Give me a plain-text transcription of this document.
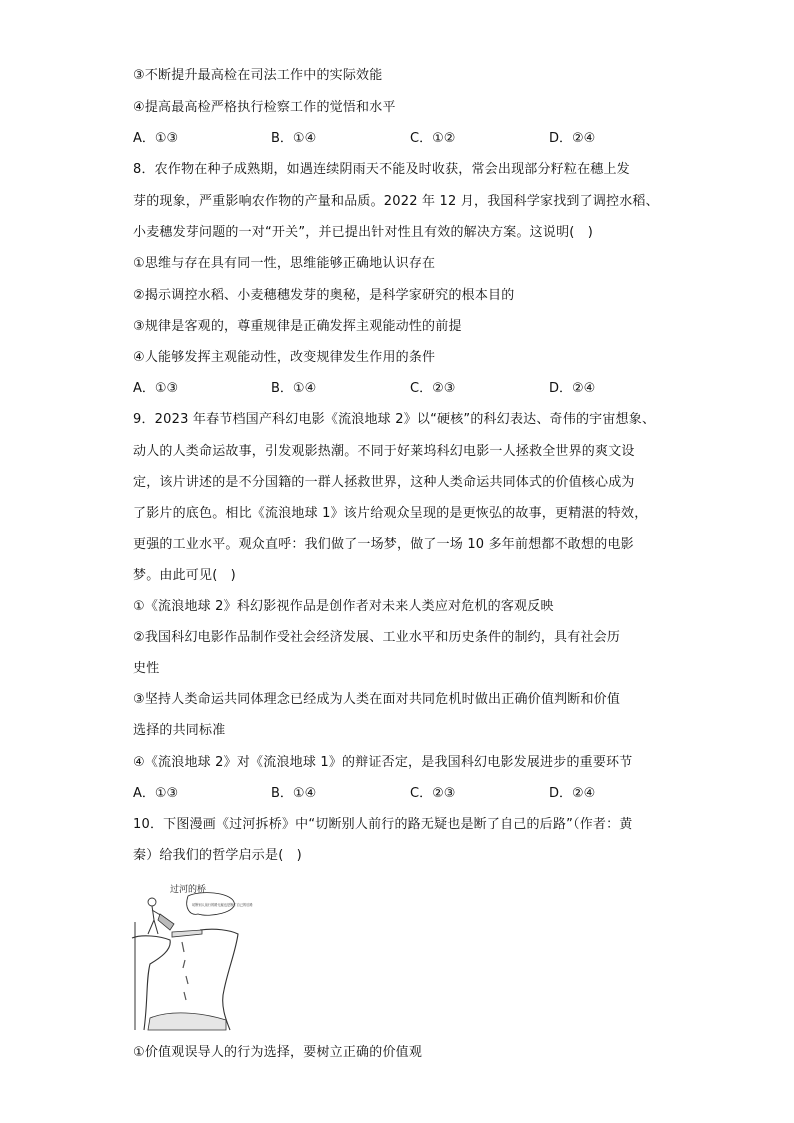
③不断提升最高检在司法工作中的实际效能
④提高最高检严格执行检察工作的觉悟和水平
A．①③	B．①④	C．①②	D．②④
8．农作物在种子成熟期，如遇连续阴雨天不能及时收获，常会出现部分籽粒在穗上发
芽的现象，严重影响农作物的产量和品质。2022 年 12 月，我国科学家找到了调控水稻、
小麦穗发芽问题的一对“开关”，并已提出针对性且有效的解决方案。这说明(　)
①思维与存在具有同一性，思维能够正确地认识存在
②揭示调控水稻、小麦穗穗发芽的奥秘，是科学家研究的根本目的
③规律是客观的，尊重规律是正确发挥主观能动性的前提
④人能够发挥主观能动性，改变规律发生作用的条件
A．①③	B．①④	C．②③	D．②④
9．2023 年春节档国产科幻电影《流浪地球 2》以“硬核”的科幻表达、奇伟的宇宙想象、
动人的人类命运故事，引发观影热潮。不同于好莱坞科幻电影一人拯救全世界的爽文设
定，该片讲述的是不分国籍的一群人拯救世界，这种人类命运共同体式的价值核心成为
了影片的底色。相比《流浪地球 1》该片给观众呈现的是更恢弘的故事，更精湛的特效，
更强的工业水平。观众直呼：我们做了一场梦，做了一场 10 多年前想都不敢想的电影
梦。由此可见(　)
①《流浪地球 2》科幻影视作品是创作者对未来人类应对危机的客观反映
②我国科幻电影作品制作受社会经济发展、工业水平和历史条件的制约，具有社会历
史性
③坚持人类命运共同体理念已经成为人类在面对共同危机时做出正确价值判断和价值
选择的共同标准
④《流浪地球 2》对《流浪地球 1》的辩证否定，是我国科幻电影发展进步的重要环节
A．①③	B．①④	C．②③	D．②④
10．下图漫画《过河拆桥》中“切断别人前行的路无疑也是断了自己的后路”（作者：黄
秦）给我们的哲学启示是(　)
过河的桥
切断别人前行的路无疑也是断了自己的后路
①价值观误导人的行为选择，要树立正确的价值观
